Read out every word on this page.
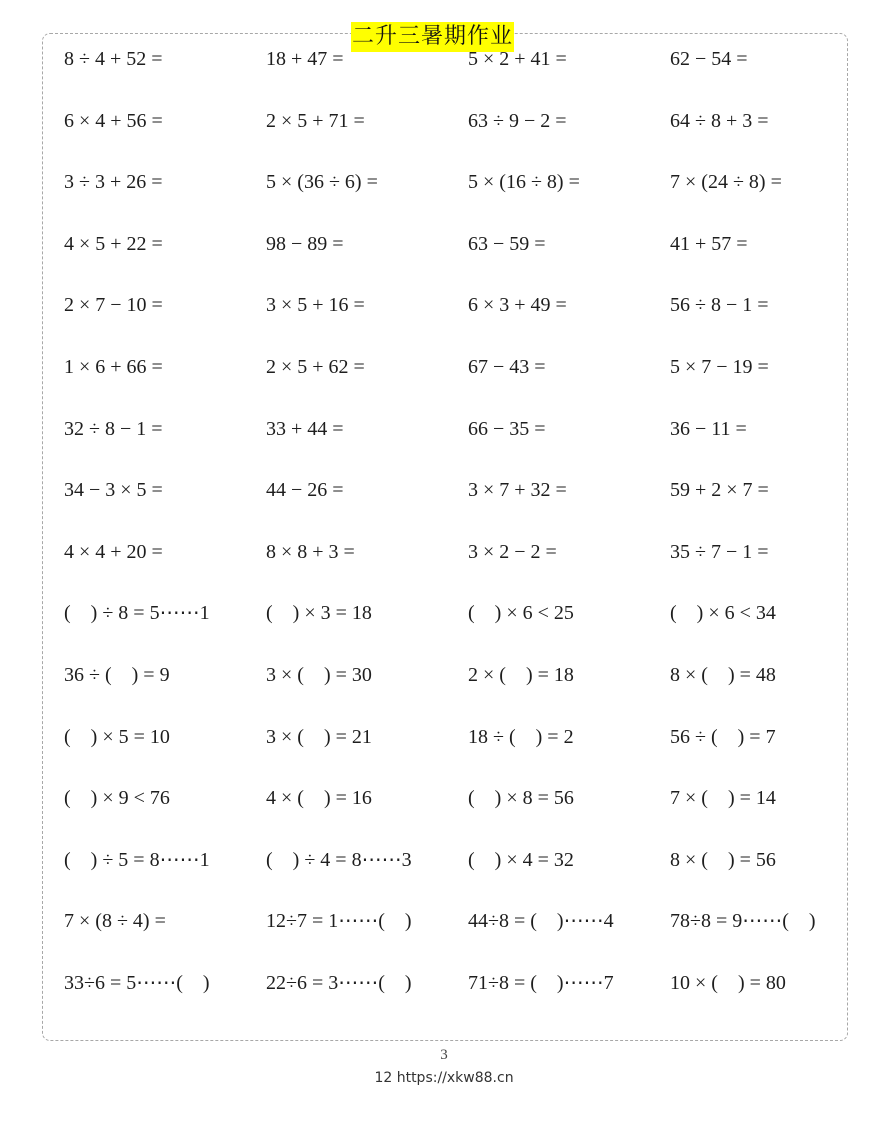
二升三暑期作业
8 ÷ 4 + 52 =	18 + 47 =	5 × 2 + 41 =	62 − 54 =
6 × 4 + 56 =	2 × 5 + 71 =	63 ÷ 9 − 2 =	64 ÷ 8 + 3 =
3 ÷ 3 + 26 =	5 × (36 ÷ 6) =	5 × (16 ÷ 8) =	7 × (24 ÷ 8) =
4 × 5 + 22 =	98 − 89 =	63 − 59 =	41 + 57 =
2 × 7 − 10 =	3 × 5 + 16 =	6 × 3 + 49 =	56 ÷ 8 − 1 =
1 × 6 + 66 =	2 × 5 + 62 =	67 − 43 =	5 × 7 − 19 =
32 ÷ 8 − 1 =	33 + 44 =	66 − 35 =	36 − 11 =
34 − 3 × 5 =	44 − 26 =	3 × 7 + 32 =	59 + 2 × 7 =
4 × 4 + 20 =	8 × 8 + 3 =	3 × 2 − 2 =	35 ÷ 7 − 1 =
(    ) ÷ 8 = 5⋯⋯1	(    ) × 3 = 18	(    ) × 6 < 25	(    ) × 6 < 34
36 ÷ (    ) = 9	3 × (    ) = 30	2 × (    ) = 18	8 × (    ) = 48
(    ) × 5 = 10	3 × (    ) = 21	18 ÷ (    ) = 2	56 ÷ (    ) = 7
(    ) × 9 < 76	4 × (    ) = 16	(    ) × 8 = 56	7 × (    ) = 14
(    ) ÷ 5 = 8⋯⋯1	(    ) ÷ 4 = 8⋯⋯3	(    ) × 4 = 32	8 × (    ) = 56
7 × (8 ÷ 4) =	12÷7 = 1⋯⋯(    )	44÷8 = (    )⋯⋯4	78÷8 = 9⋯⋯(    )
33÷6 = 5⋯⋯(    )	22÷6 = 3⋯⋯(    )	71÷8 = (    )⋯⋯7	10 × (    ) = 80
3
12 https://xkw88.cn
